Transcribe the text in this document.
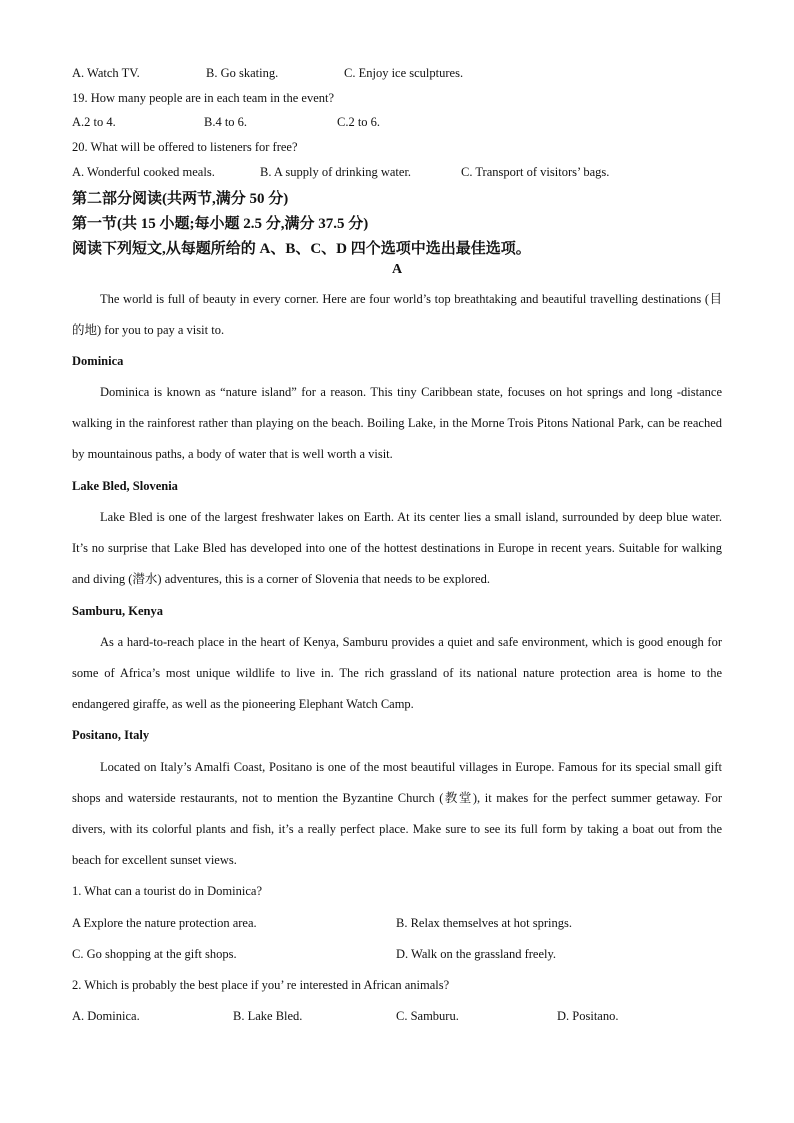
A. Watch TV.	B. Go skating.	C. Enjoy ice sculptures.
19. How many people are in each team in the event?
A.2 to 4.	B.4 to 6.	C.2 to 6.
20. What will be offered to listeners for free?
A. Wonderful cooked meals.	B. A supply of drinking water.	C. Transport of visitors’ bags.
第二部分阅读(共两节,满分 50 分)
第一节(共 15 小题;每小题 2.5 分,满分 37.5 分)
阅读下列短文,从每题所给的 A、B、C、D 四个选项中选出最佳选项。
A
The world is full of beauty in every corner. Here are four world’s top breathtaking and beautiful travelling destinations (目的地) for you to pay a visit to.
Dominica
Dominica is known as “nature island” for a reason. This tiny Caribbean state, focuses on hot springs and long -distance walking in the rainforest rather than playing on the beach. Boiling Lake, in the Morne Trois Pitons National Park, can be reached by mountainous paths, a body of water that is well worth a visit.
Lake Bled, Slovenia
Lake Bled is one of the largest freshwater lakes on Earth. At its center lies a small island, surrounded by deep blue water. It’s no surprise that Lake Bled has developed into one of the hottest destinations in Europe in recent years. Suitable for walking and diving (潜水) adventures, this is a corner of Slovenia that needs to be explored.
Samburu, Kenya
As a hard-to-reach place in the heart of Kenya, Samburu provides a quiet and safe environment, which is good enough for some of Africa’s most unique wildlife to live in. The rich grassland of its national nature protection area is home to the endangered giraffe, as well as the pioneering Elephant Watch Camp.
Positano, Italy
Located on Italy’s Amalfi Coast, Positano is one of the most beautiful villages in Europe. Famous for its special small gift shops and waterside restaurants, not to mention the Byzantine Church (教堂), it makes for the perfect summer getaway. For divers, with its colorful plants and fish, it’s a really perfect place. Make sure to see its full form by taking a boat out from the beach for excellent sunset views.
1. What can a tourist do in Dominica?
A Explore the nature protection area.	B. Relax themselves at hot springs.
C. Go shopping at the gift shops.	D. Walk on the grassland freely.
2. Which is probably the best place if you’ re interested in African animals?
A. Dominica.	B. Lake Bled.	C. Samburu.	D. Positano.
